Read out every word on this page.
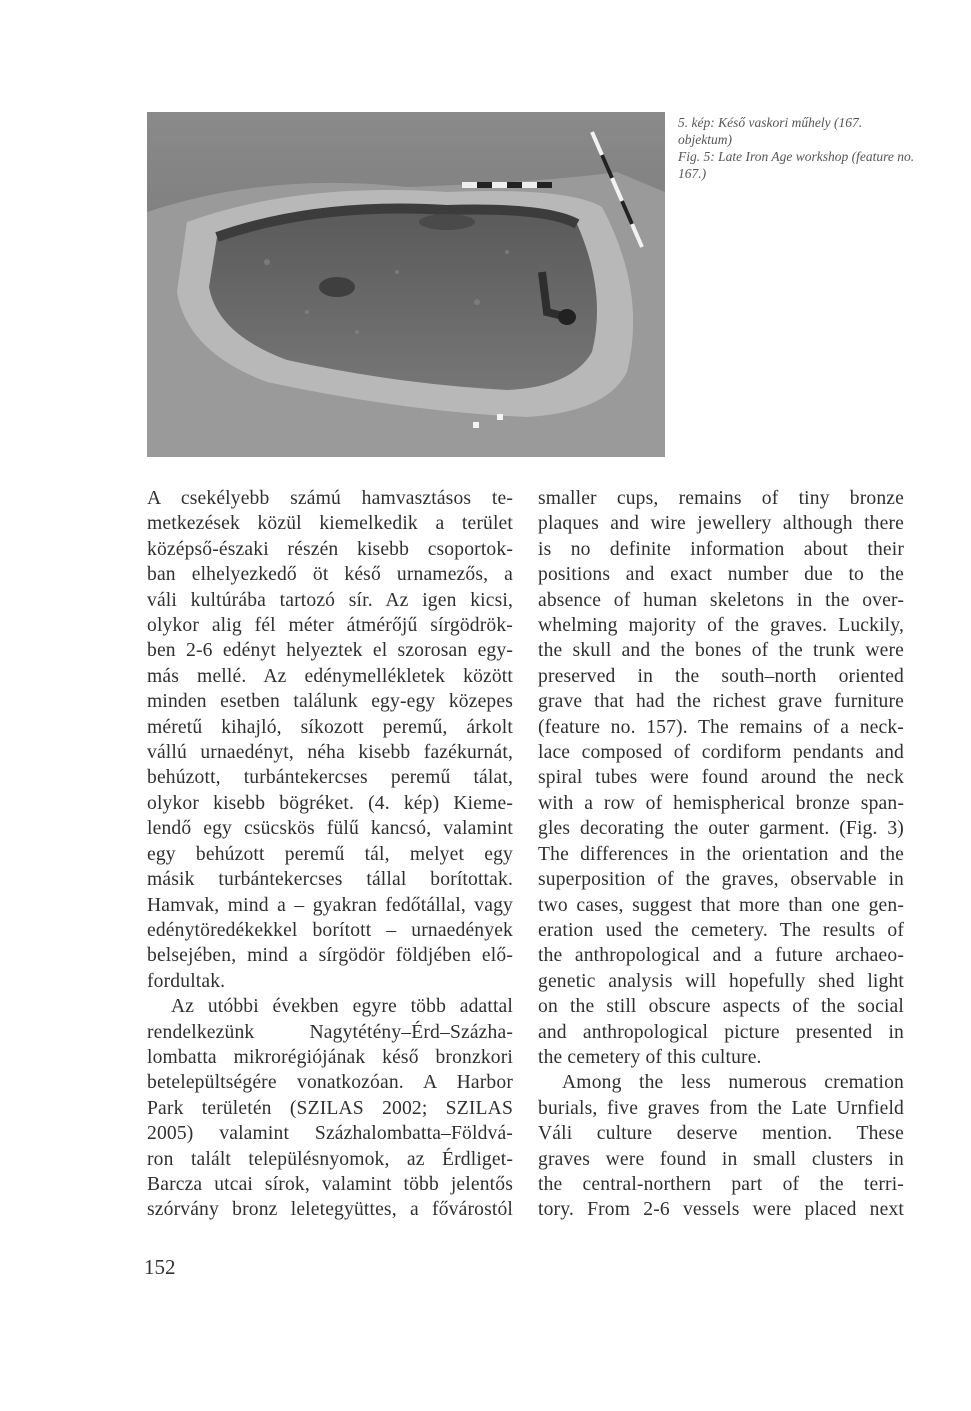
5. kép: Késő vaskori műhely (167. objektum)

Fig. 5: Late Iron Age workshop (feature no. 167.)

A csekélyebb számú hamvasztásos te-
metkezések közül kiemelkedik a terület
középső-északi részén kisebb csoportok-
ban elhelyezkedő öt késő urnamezős, a
váli kultúrába tartozó sír. Az igen kicsi,
olykor alig fél méter átmérőjű sírgödrök-
ben 2-6 edényt helyeztek el szorosan egy-
más mellé. Az edénymellékletek között
minden esetben találunk egy-egy közepes
méretű kihajló, síkozott peremű, árkolt
vállú urnaedényt, néha kisebb fazékurnát,
behúzott, turbántekercses peremű tálat,
olykor kisebb bögréket. (4. kép) Kieme-
lendő egy csücskös fülű kancsó, valamint
egy behúzott peremű tál, melyet egy
másik turbántekercses tállal borítottak.
Hamvak, mind a – gyakran fedőtállal, vagy
edénytöredékekkel borított – urnaedények
belsejében, mind a sírgödör földjében elő-
fordultak.

Az utóbbi években egyre több adattal
rendelkezünk Nagytétény–Érd–Százha-
lombatta mikrorégiójának késő bronzkori
betelepültségére vonatkozóan. A Harbor
Park területén (SZILAS 2002; SZILAS
2005) valamint Százhalombatta–Földvá-
ron talált településnyomok, az Érdliget-
Barcza utcai sírok, valamint több jelentős
szórvány bronz leletegyüttes, a fővárostól

smaller cups, remains of tiny bronze
plaques and wire jewellery although there
is no definite information about their
positions and exact number due to the
absence of human skeletons in the over-
whelming majority of the graves. Luckily,
the skull and the bones of the trunk were
preserved in the south–north oriented
grave that had the richest grave furniture
(feature no. 157). The remains of a neck-
lace composed of cordiform pendants and
spiral tubes were found around the neck
with a row of hemispherical bronze span-
gles decorating the outer garment. (Fig. 3)
The differences in the orientation and the
superposition of the graves, observable in
two cases, suggest that more than one gen-
eration used the cemetery. The results of
the anthropological and a future archaeo-
genetic analysis will hopefully shed light
on the still obscure aspects of the social
and anthropological picture presented in
the cemetery of this culture.

Among the less numerous cremation
burials, five graves from the Late Urnfield
Váli culture deserve mention. These
graves were found in small clusters in
the central-northern part of the terri-
tory. From 2-6 vessels were placed next

152
